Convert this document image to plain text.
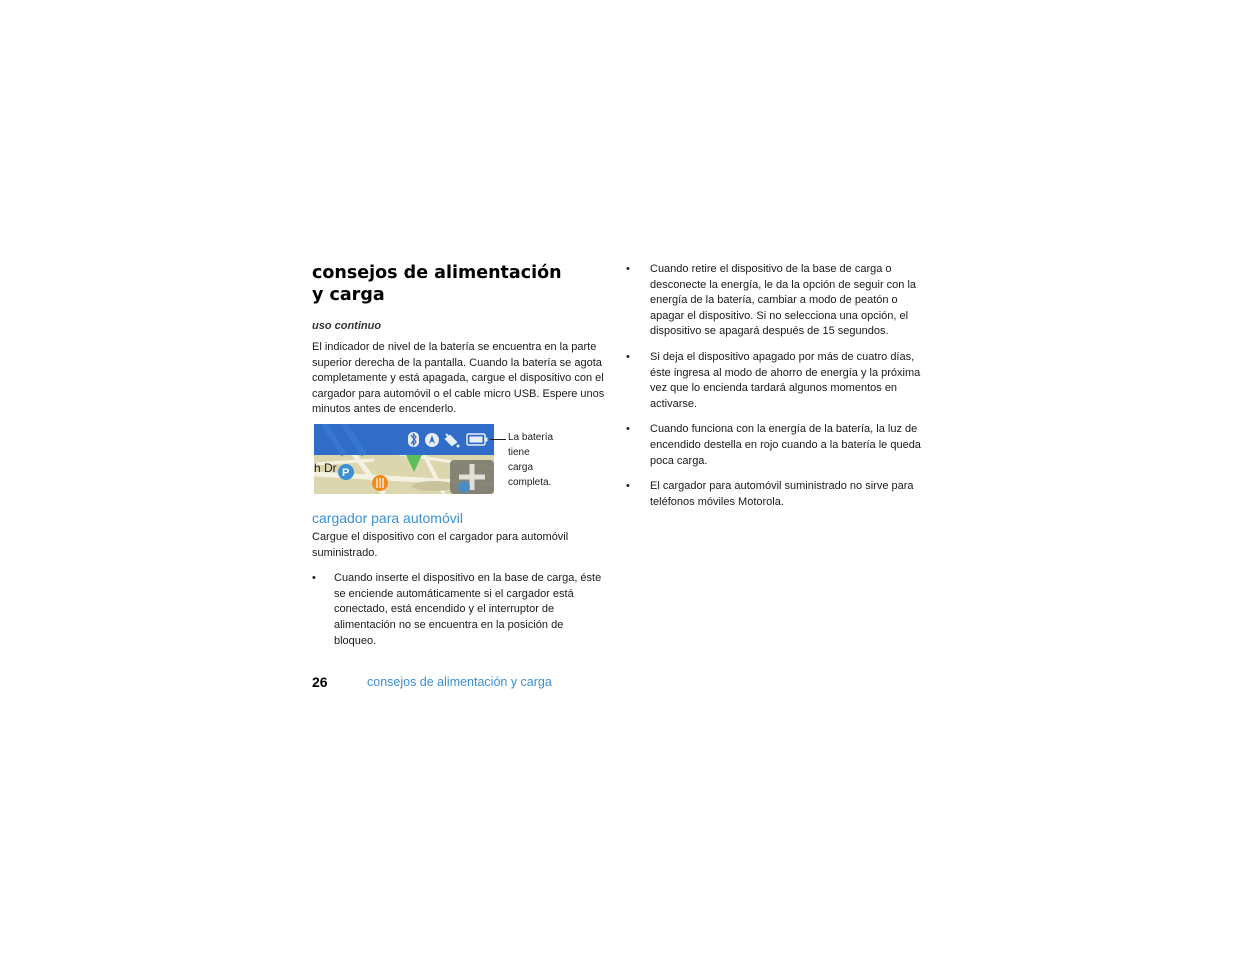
consejos de alimentación
y carga
uso continuo

El indicador de nivel de la batería se encuentra en la parte superior derecha de la pantalla. Cuando la batería se agota completamente y está apagada, cargue el dispositivo con el cargador para automóvil o el cable micro USB. Espere unos minutos antes de encenderlo.

P
h Dr
La batería
tiene
carga
completa.
cargador para automóvil

Cargue el dispositivo con el cargador para automóvil suministrado.

• Cuando inserte el dispositivo en la base de carga, éste se enciende automáticamente si el cargador está conectado, está encendido y el interruptor de alimentación no se encuentra en la posición de bloqueo.
• Cuando retire el dispositivo de la base de carga o desconecte la energía, le da la opción de seguir con la energía de la batería, cambiar a modo de peatón o apagar el dispositivo. Si no selecciona una opción, el dispositivo se apagará después de 15 segundos.
• Si deja el dispositivo apagado por más de cuatro días, éste ingresa al modo de ahorro de energía y la próxima vez que lo encienda tardará algunos momentos en activarse.
• Cuando funciona con la energía de la batería, la luz de encendido destella en rojo cuando a la batería le queda poca carga.
• El cargador para automóvil suministrado no sirve para teléfonos móviles Motorola.
26	consejos de alimentación y carga
